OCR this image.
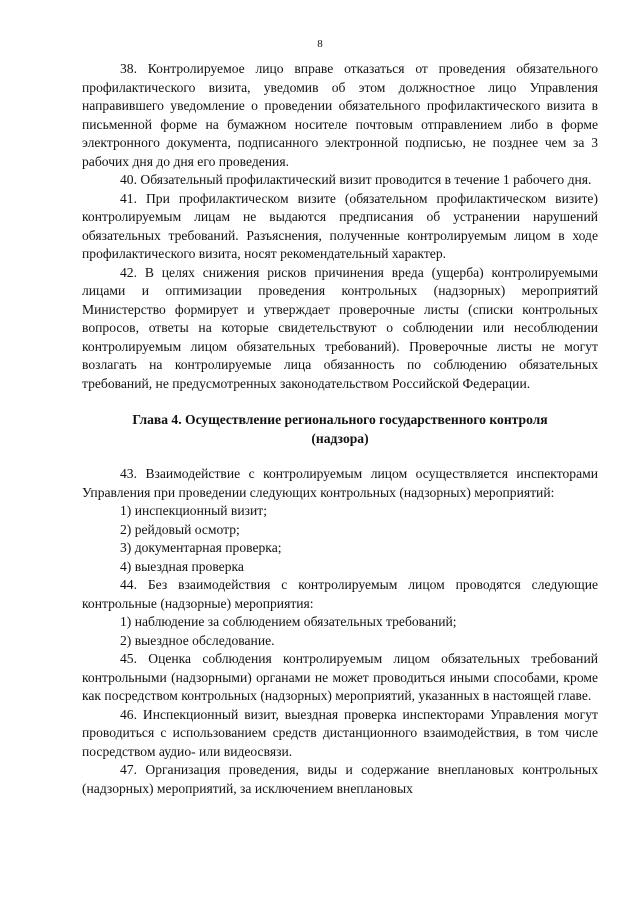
8

38. Контролируемое лицо вправе отказаться от проведения обязательного профилактического визита, уведомив об этом должностное лицо Управления направившего уведомление о проведении обязательного профилактического визита в письменной форме на бумажном носителе почтовым отправлением либо в форме электронного документа, подписанного электронной подписью, не позднее чем за 3 рабочих дня до дня его проведения.

40. Обязательный профилактический визит проводится в течение 1 рабочего дня.

41. При профилактическом визите (обязательном профилактическом визите) контролируемым лицам не выдаются предписания об устранении нарушений обязательных требований. Разъяснения, полученные контролируемым лицом в ходе профилактического визита, носят рекомендательный характер.

42. В целях снижения рисков причинения вреда (ущерба) контролируемыми лицами и оптимизации проведения контрольных (надзорных) мероприятий Министерство формирует и утверждает проверочные листы (списки контрольных вопросов, ответы на которые свидетельствуют о соблюдении или несоблюдении контролируемым лицом обязательных требований). Проверочные листы не могут возлагать на контролируемые лица обязанность по соблюдению обязательных требований, не предусмотренных законодательством Российской Федерации.

Глава 4. Осуществление регионального государственного контроля (надзора)

43. Взаимодействие с контролируемым лицом осуществляется инспекторами Управления при проведении следующих контрольных (надзорных) мероприятий:

1) инспекционный визит;

2) рейдовый осмотр;

3) документарная проверка;

4) выездная проверка

44. Без взаимодействия с контролируемым лицом проводятся следующие контрольные (надзорные) мероприятия:

1) наблюдение за соблюдением обязательных требований;

2) выездное обследование.

45. Оценка соблюдения контролируемым лицом обязательных требований контрольными (надзорными) органами не может проводиться иными способами, кроме как посредством контрольных (надзорных) мероприятий, указанных в настоящей главе.

46. Инспекционный визит, выездная проверка инспекторами Управления могут проводиться с использованием средств дистанционного взаимодействия, в том числе посредством аудио- или видеосвязи.

47. Организация проведения, виды и содержание внеплановых контрольных (надзорных) мероприятий, за исключением внеплановых
